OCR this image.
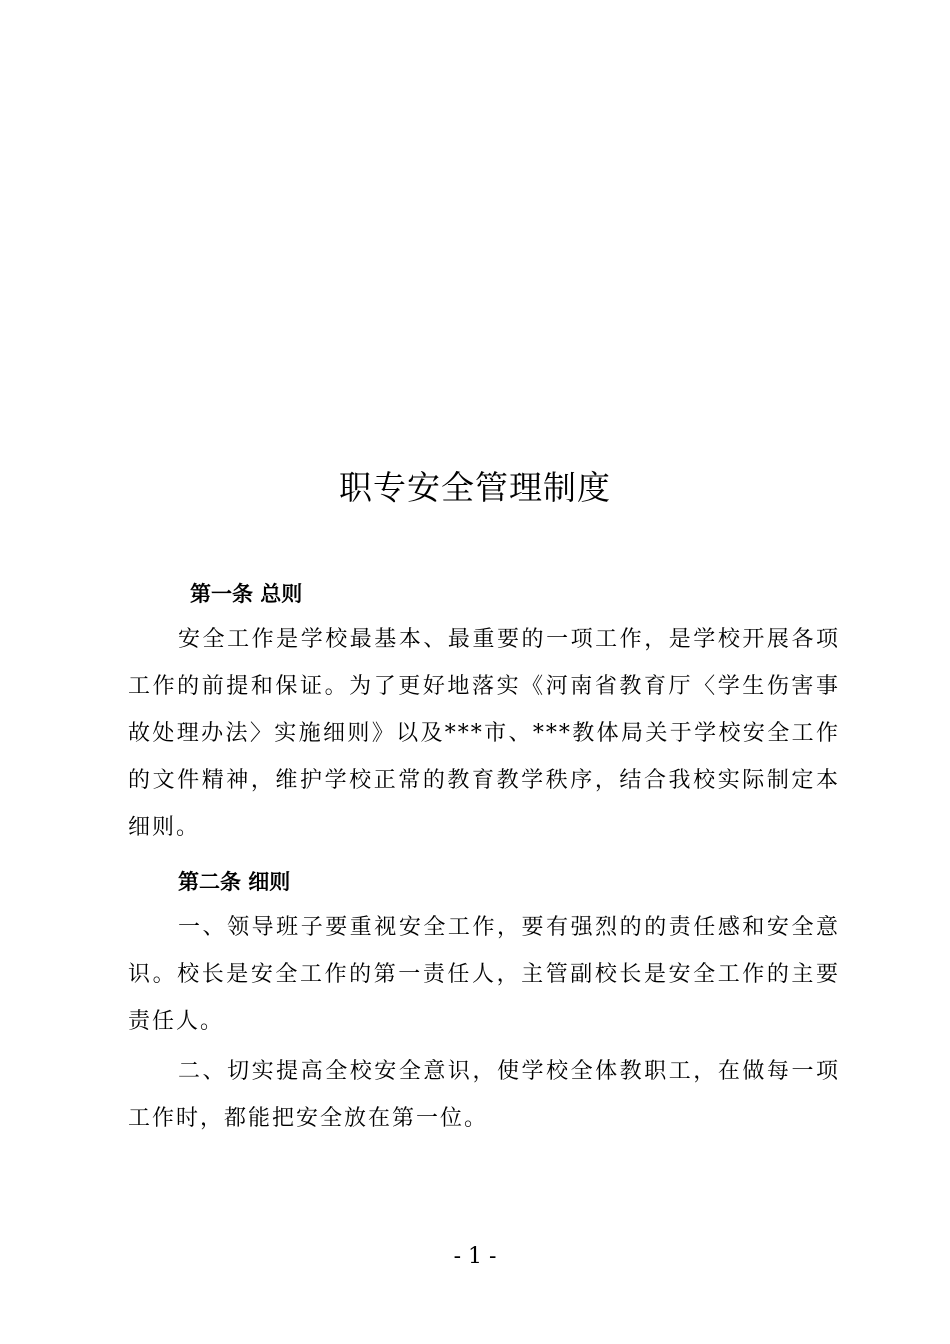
职专安全管理制度
第一条 总则

安全工作是学校最基本、最重要的一项工作，是学校开展各项工作的前提和保证。为了更好地落实《河南省教育厅〈学生伤害事故处理办法〉实施细则》以及***市、***教体局关于学校安全工作的文件精神，维护学校正常的教育教学秩序，结合我校实际制定本细则。

第二条 细则

一、领导班子要重视安全工作，要有强烈的的责任感和安全意识。校长是安全工作的第一责任人，主管副校长是安全工作的主要责任人。

二、切实提高全校安全意识，使学校全体教职工，在做每一项工作时，都能把安全放在第一位。

- 1 -
